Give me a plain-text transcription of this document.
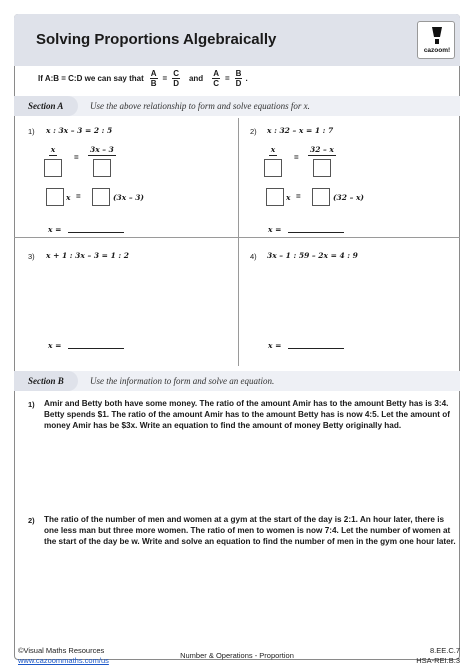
Solving Proportions Algebraically
cazoom!
If A:B = C:D we can say that $\frac{A}{B} = \frac{C}{D}$ and $\frac{A}{C} = \frac{B}{D}$ .
Section A	Use the above relationship to form and solve equations for x.
1) x : 3x – 3 = 2 : 5
x
=
3x – 3
x =	(3x – 3)
x =
2) x : 32 – x = 1 : 7
x
=
32 – x
x =	(32 – x)
x =
3) x + 1 : 3x – 3 = 1 : 2
x =
4) 3x – 1 : 59 – 2x = 4 : 9
x =
Section B	Use the information to form and solve an equation.
1) Amir and Betty both have some money. The ratio of the amount Amir has to the amount Betty has is 3:4. Betty spends $1. The ratio of the amount Amir has to the amount Betty has is now 4:5. Let the amount of money Amir has be $3x. Write an equation to find the amount of money Betty originally had.
2) The ratio of the number of men and women at a gym at the start of the day is 2:1. An hour later, there is one less man but three more women. The ratio of men to women is now 7:4. Let the number of women at the start of the day be w. Write and solve an equation to find the number of men in the gym one hour later.
©Visual Maths Resources
www.cazoommaths.com/us	Number & Operations - Proportion
8.EE.C.7
HSA-REI.B.3
